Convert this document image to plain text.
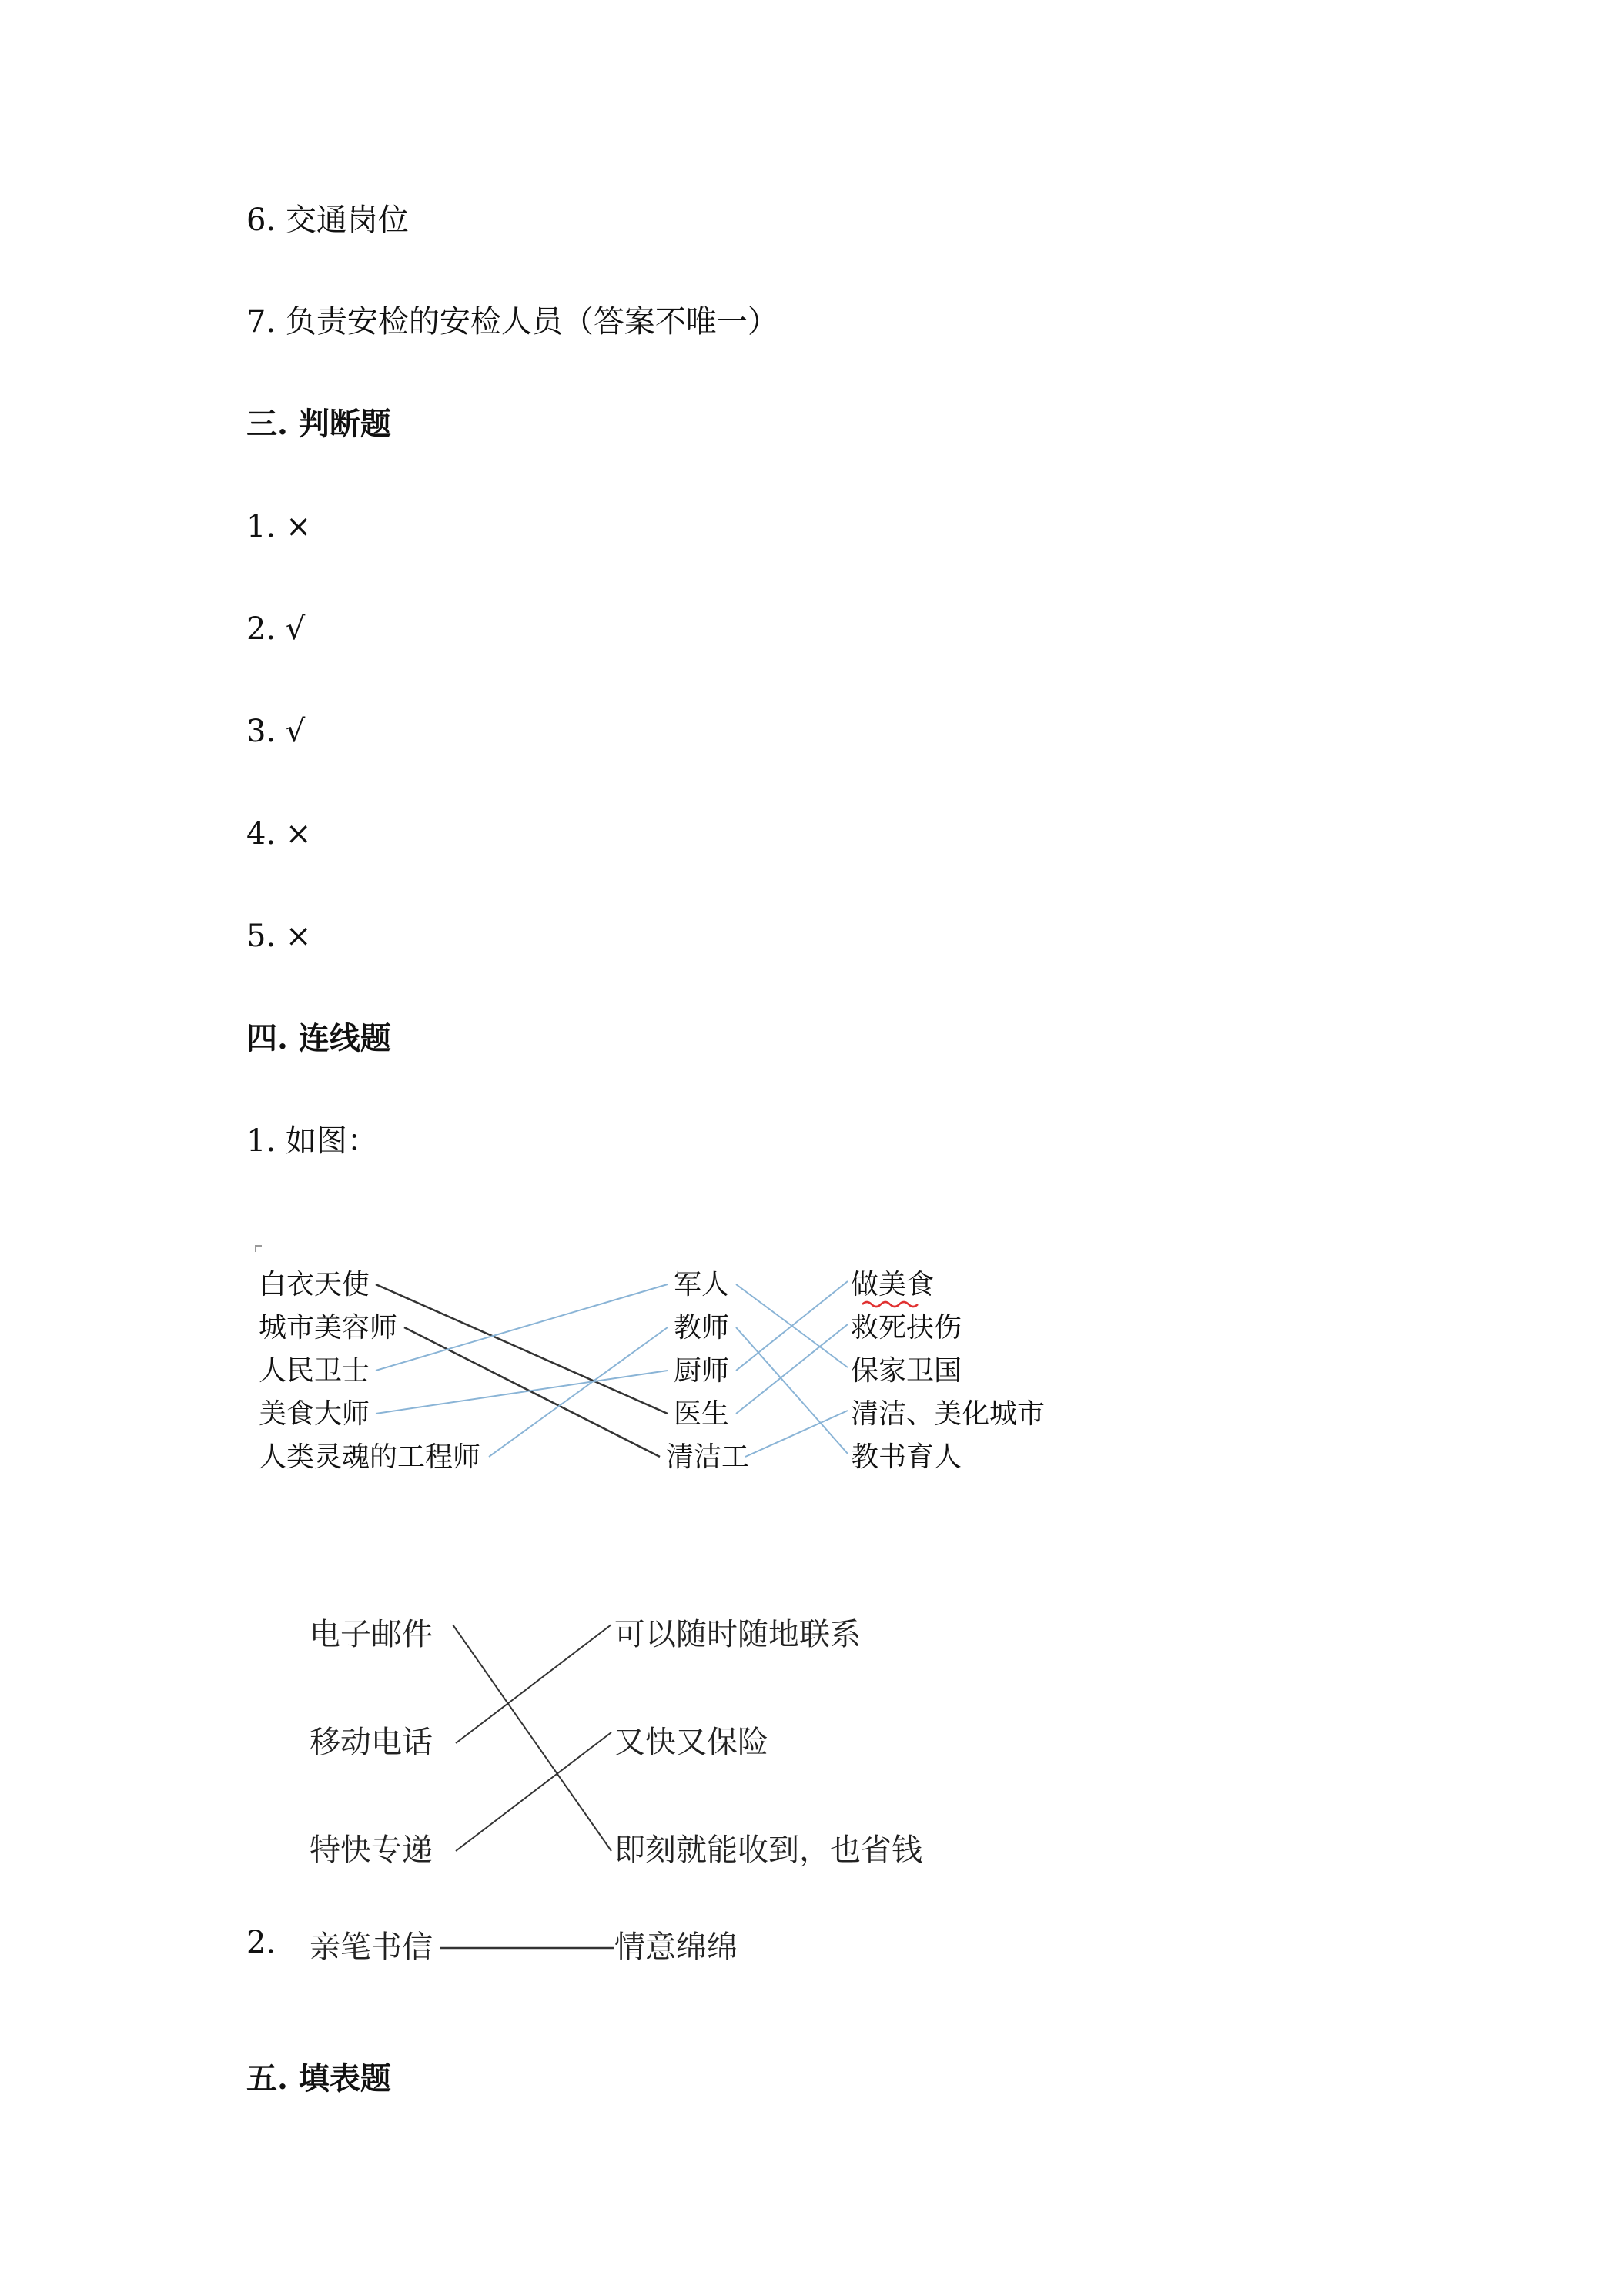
6. 交通岗位
7. 负责安检的安检人员（答案不唯一）
三. 判断题
1. ×
2. √
3. √
4. ×
5. ×
四. 连线题
1. 如图：
2.
五. 填表题
白衣天使
城市美容师
人民卫士
美食大师
人类灵魂的工程师
军人
教师
厨师
医生
清洁工
做美食
救死扶伤
保家卫国
清洁、美化城市
教书育人
电子邮件
移动电话
特快专递
可以随时随地联系
又快又保险
即刻就能收到，也省钱
亲笔书信	情意绵绵
